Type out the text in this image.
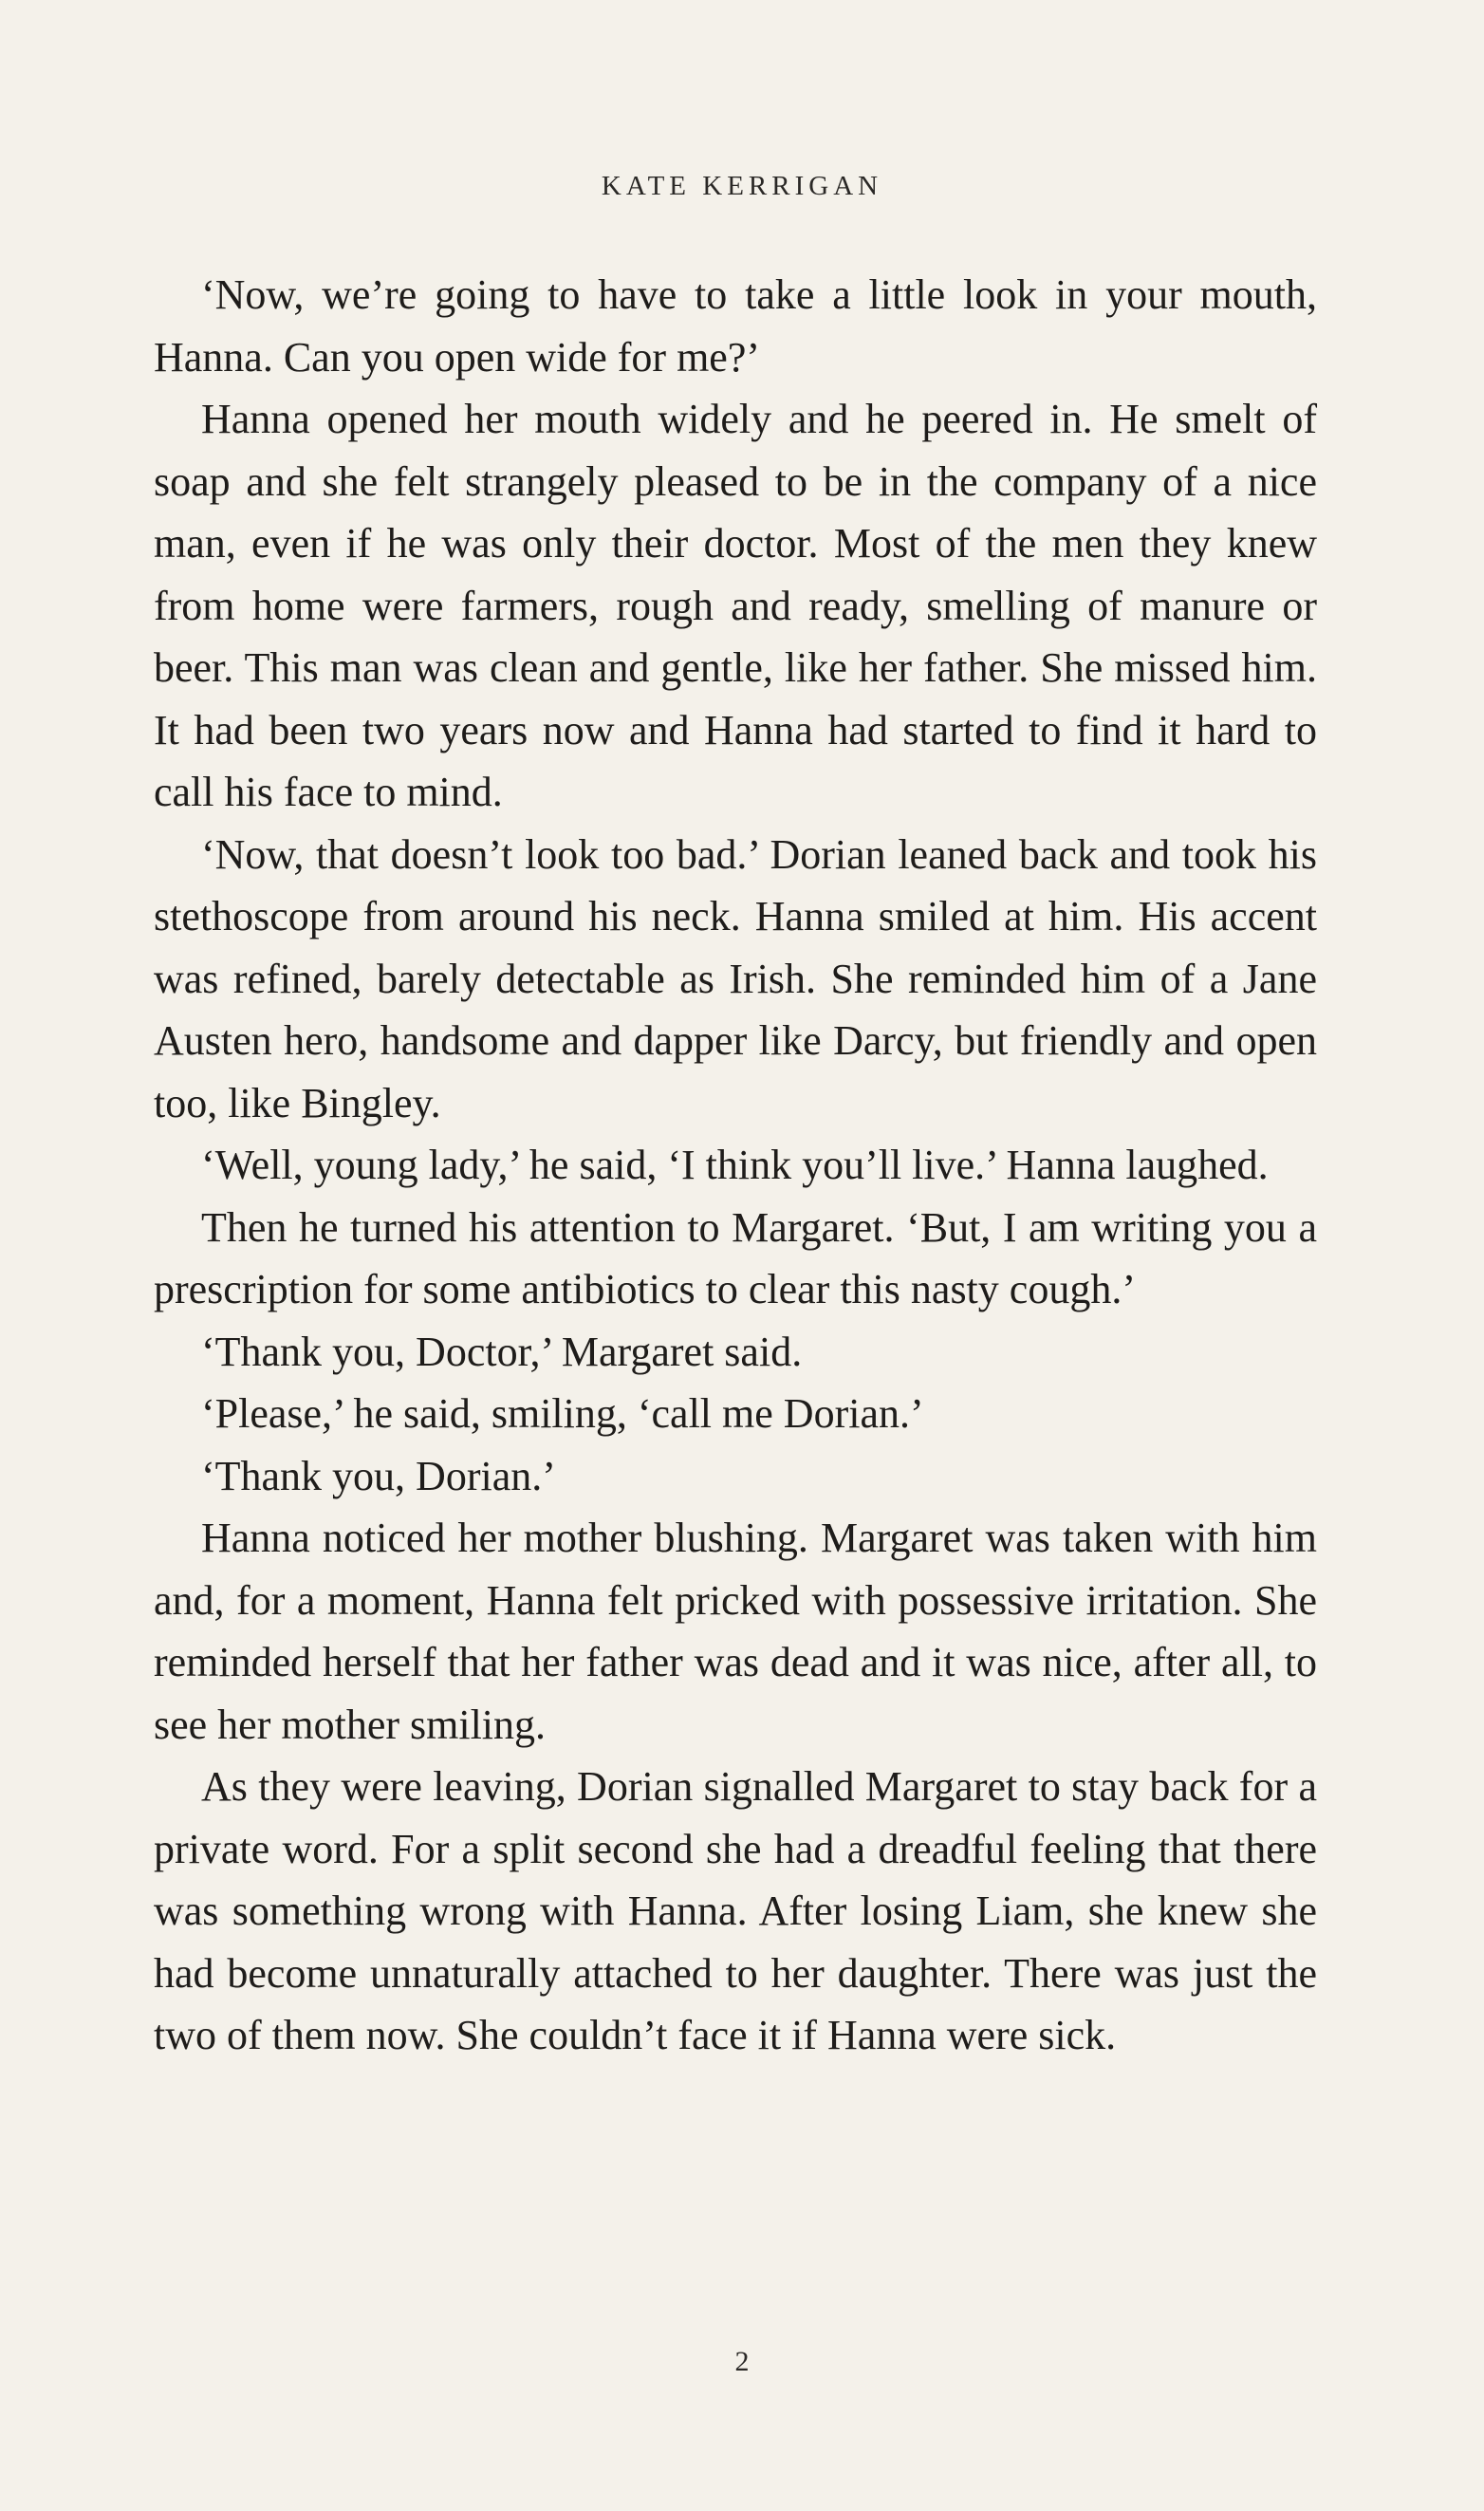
KATE KERRIGAN

‘Now, we’re going to have to take a little look in your mouth, Hanna. Can you open wide for me?’

Hanna opened her mouth widely and he peered in. He smelt of soap and she felt strangely pleased to be in the company of a nice man, even if he was only their doctor. Most of the men they knew from home were farmers, rough and ready, smelling of manure or beer. This man was clean and gentle, like her father. She missed him. It had been two years now and Hanna had started to find it hard to call his face to mind.

‘Now, that doesn’t look too bad.’ Dorian leaned back and took his stethoscope from around his neck. Hanna smiled at him. His accent was refined, barely detectable as Irish. She reminded him of a Jane Austen hero, handsome and dapper like Darcy, but friendly and open too, like Bingley.

‘Well, young lady,’ he said, ‘I think you’ll live.’ Hanna laughed.

Then he turned his attention to Margaret. ‘But, I am writing you a prescription for some antibiotics to clear this nasty cough.’

‘Thank you, Doctor,’ Margaret said.

‘Please,’ he said, smiling, ‘call me Dorian.’

‘Thank you, Dorian.’

Hanna noticed her mother blushing. Margaret was taken with him and, for a moment, Hanna felt pricked with possessive irritation. She reminded herself that her father was dead and it was nice, after all, to see her mother smiling.

As they were leaving, Dorian signalled Margaret to stay back for a private word. For a split second she had a dreadful feeling that there was something wrong with Hanna. After losing Liam, she knew she had become unnaturally attached to her daughter. There was just the two of them now. She couldn’t face it if Hanna were sick.

2
